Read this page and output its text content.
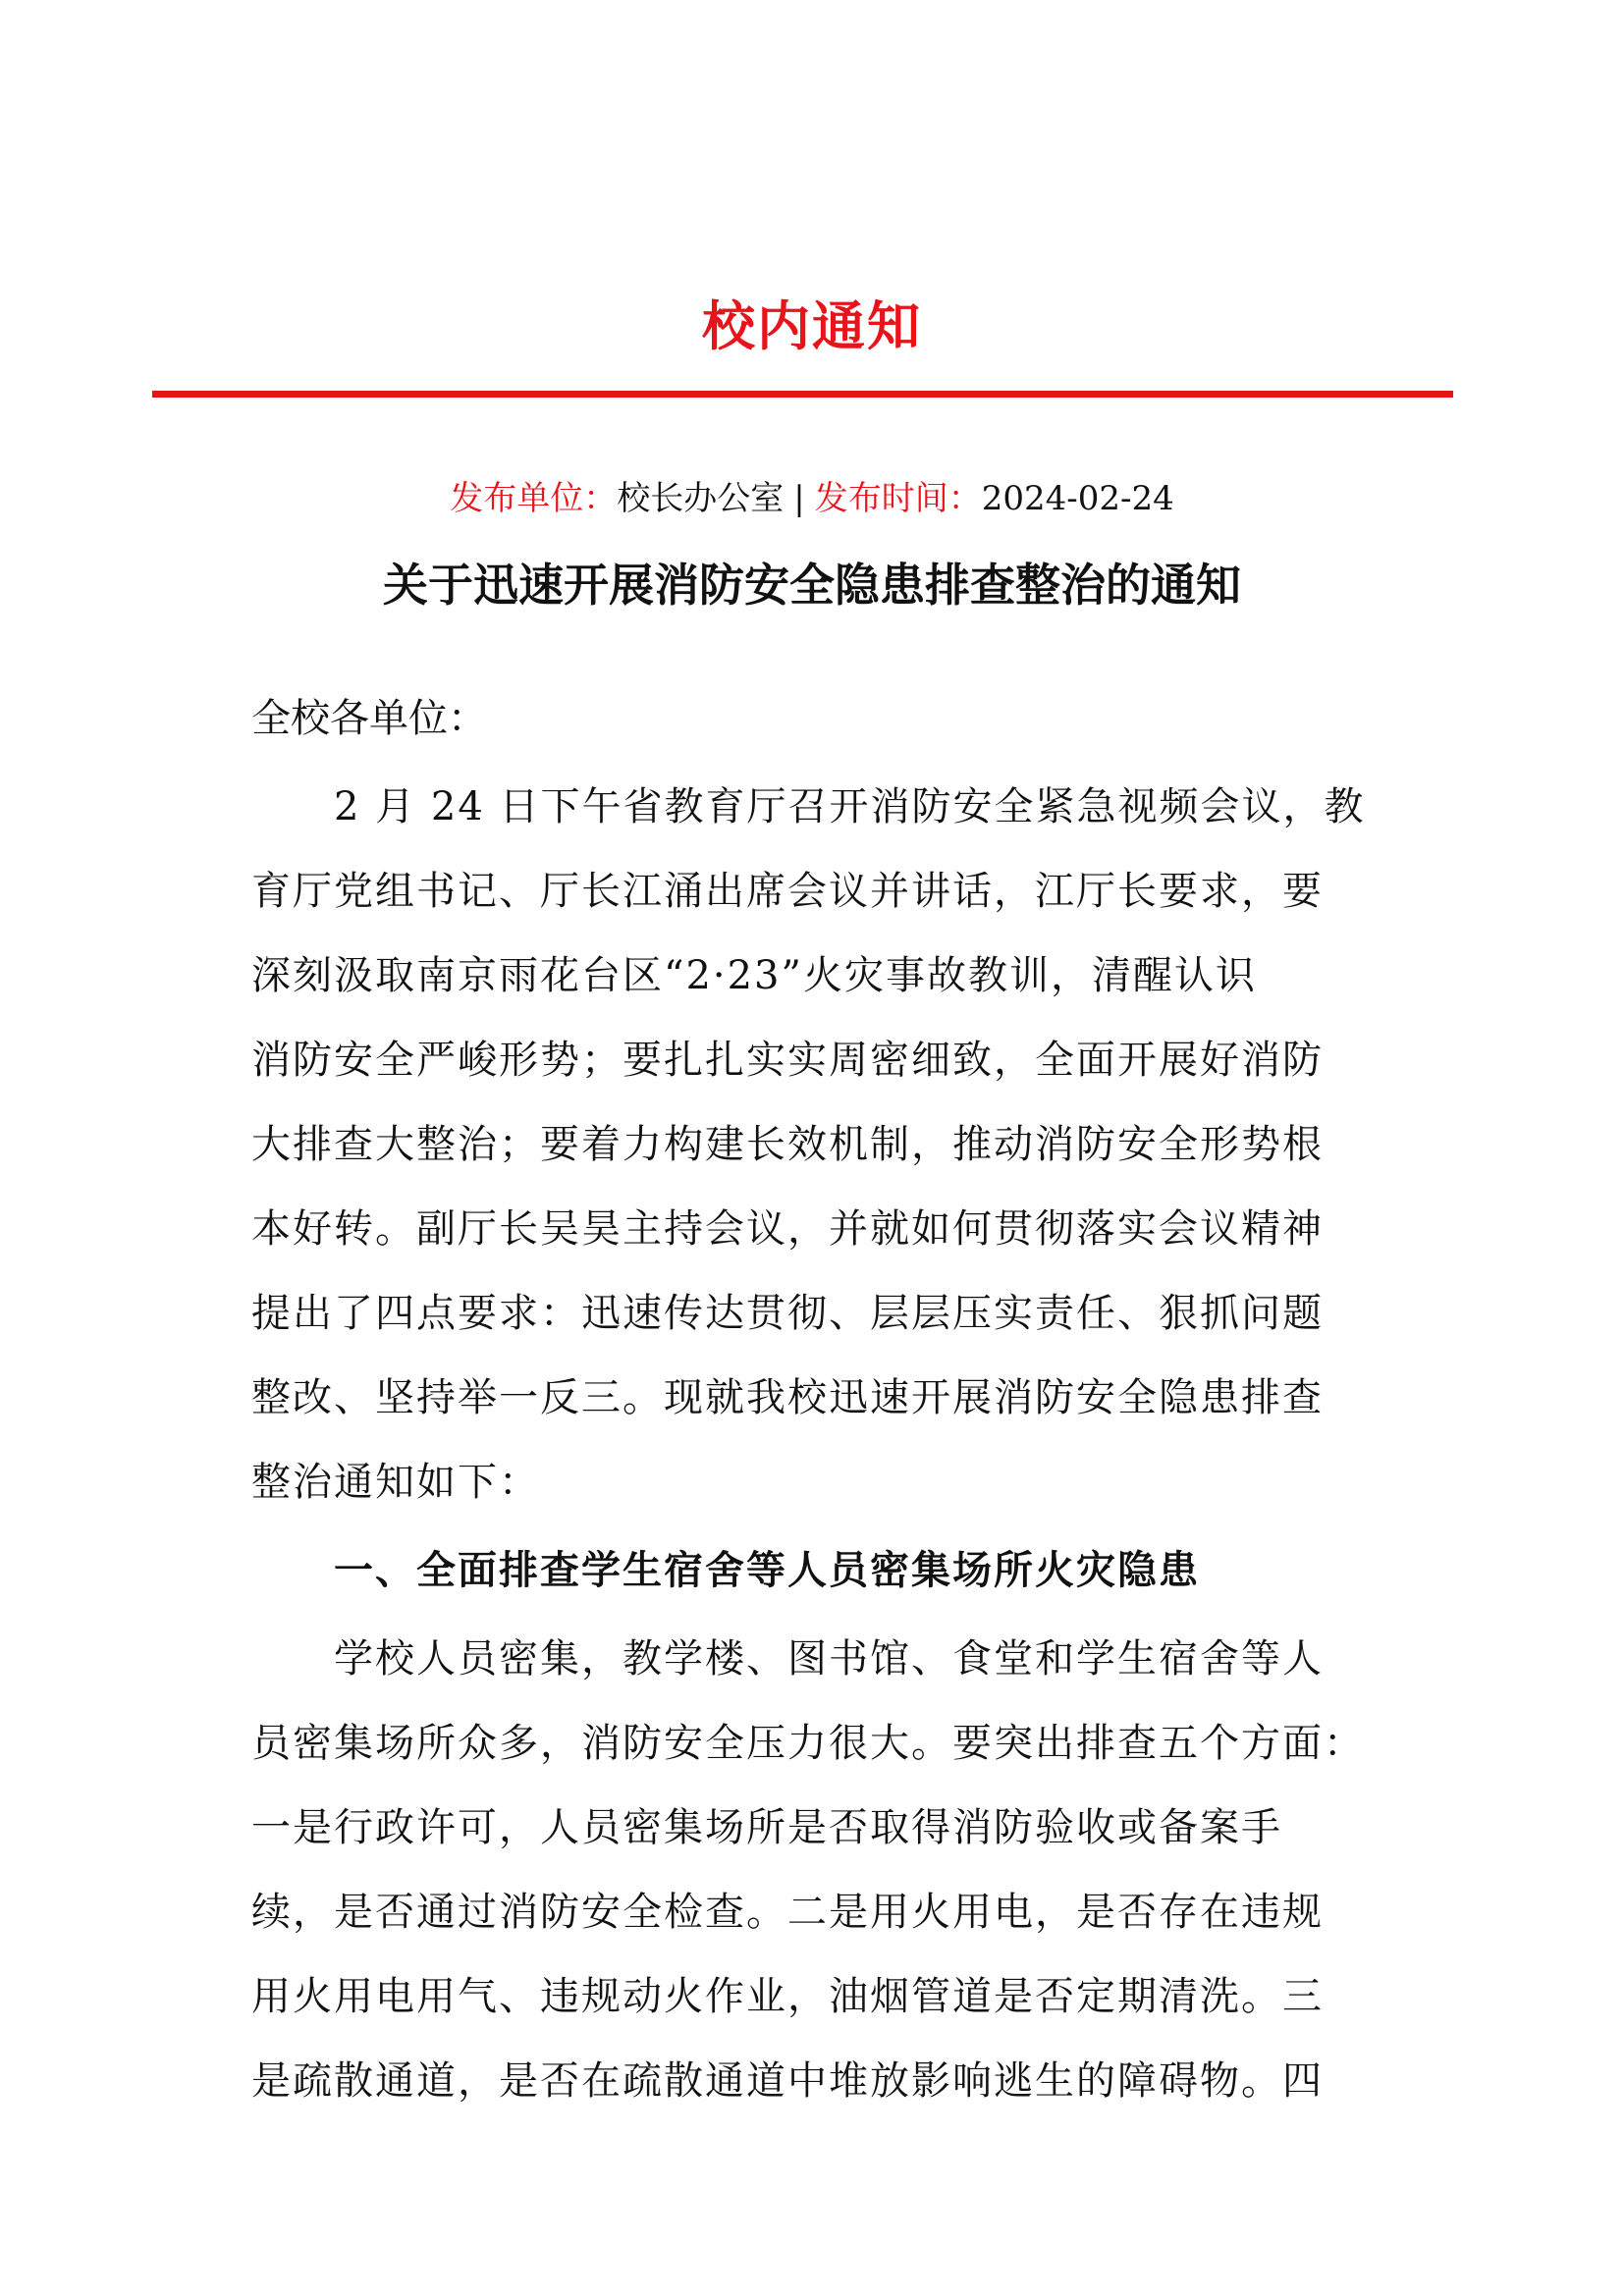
校内通知
发布单位：校长办公室 | 发布时间：2024-02-24
关于迅速开展消防安全隐患排查整治的通知
全校各单位：
2 月 24 日下午省教育厅召开消防安全紧急视频会议，教
育厅党组书记、厅长江涌出席会议并讲话，江厅长要求，要
深刻汲取南京雨花台区“2·23”火灾事故教训，清醒认识
消防安全严峻形势；要扎扎实实周密细致，全面开展好消防
大排查大整治；要着力构建长效机制，推动消防安全形势根
本好转。副厅长吴昊主持会议，并就如何贯彻落实会议精神
提出了四点要求：迅速传达贯彻、层层压实责任、狠抓问题
整改、坚持举一反三。现就我校迅速开展消防安全隐患排查
整治通知如下：
一、全面排查学生宿舍等人员密集场所火灾隐患
学校人员密集，教学楼、图书馆、食堂和学生宿舍等人
员密集场所众多，消防安全压力很大。要突出排查五个方面：
一是行政许可，人员密集场所是否取得消防验收或备案手
续，是否通过消防安全检查。二是用火用电，是否存在违规
用火用电用气、违规动火作业，油烟管道是否定期清洗。三
是疏散通道，是否在疏散通道中堆放影响逃生的障碍物。四
